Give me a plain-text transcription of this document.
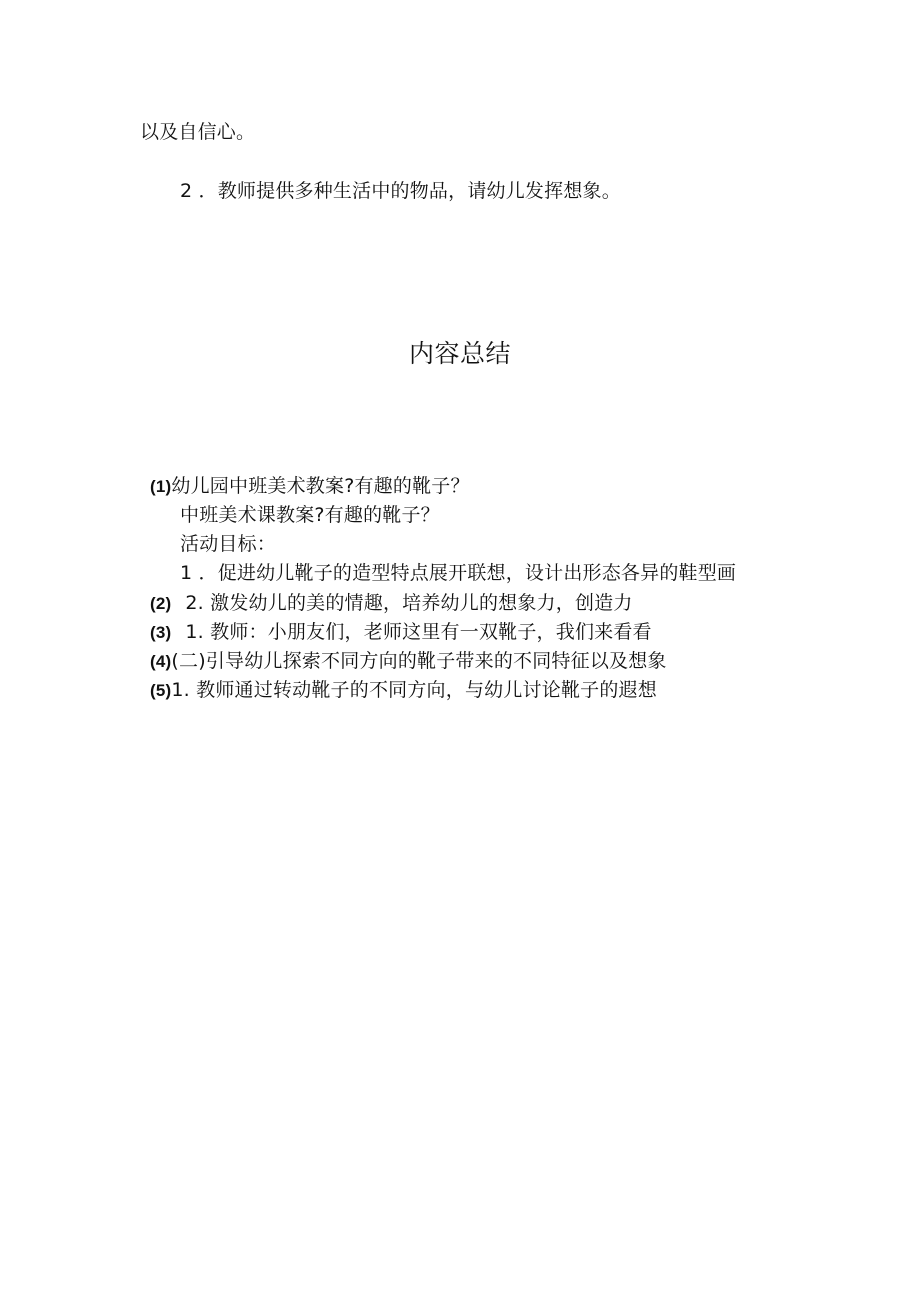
以及自信心。
2 ．教师提供多种生活中的物品，请幼儿发挥想象。
内容总结
(1)幼儿园中班美术教案?有趣的靴子？
中班美术课教案?有趣的靴子？
活动目标：
1 ．促进幼儿靴子的造型特点展开联想，设计出形态各异的鞋型画
(2) 2. 激发幼儿的美的情趣，培养幼儿的想象力，创造力
(3) 1. 教师：小朋友们，老师这里有一双靴子，我们来看看
(4)(二)引导幼儿探索不同方向的靴子带来的不同特征以及想象
(5)1. 教师通过转动靴子的不同方向，与幼儿讨论靴子的遐想
